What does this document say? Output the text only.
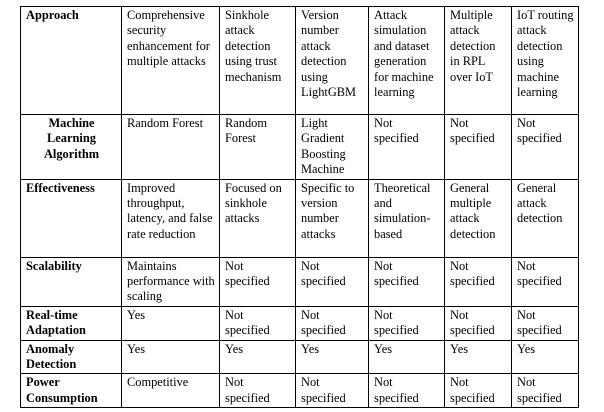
Approach	Comprehensive security enhancement for multiple attacks	Sinkhole attack detection using trust mechanism	Version number attack detection using LightGBM	Attack simulation and dataset generation for machine learning	Multiple attack detection in RPL over IoT	IoT routing attack detection using machine learning
Machine Learning Algorithm	Random Forest	Random Forest	Light Gradient Boosting Machine	Not specified	Not specified	Not specified
Effectiveness	Improved throughput, latency, and false rate reduction	Focused on sinkhole attacks	Specific to version number attacks	Theoretical and simulation-based	General multiple attack detection	General attack detection
Scalability	Maintains performance with scaling	Not specified	Not specified	Not specified	Not specified	Not specified
Real-time Adaptation	Yes	Not specified	Not specified	Not specified	Not specified	Not specified
Anomaly Detection	Yes	Yes	Yes	Yes	Yes	Yes
Power Consumption	Competitive	Not specified	Not specified	Not specified	Not specified	Not specified
